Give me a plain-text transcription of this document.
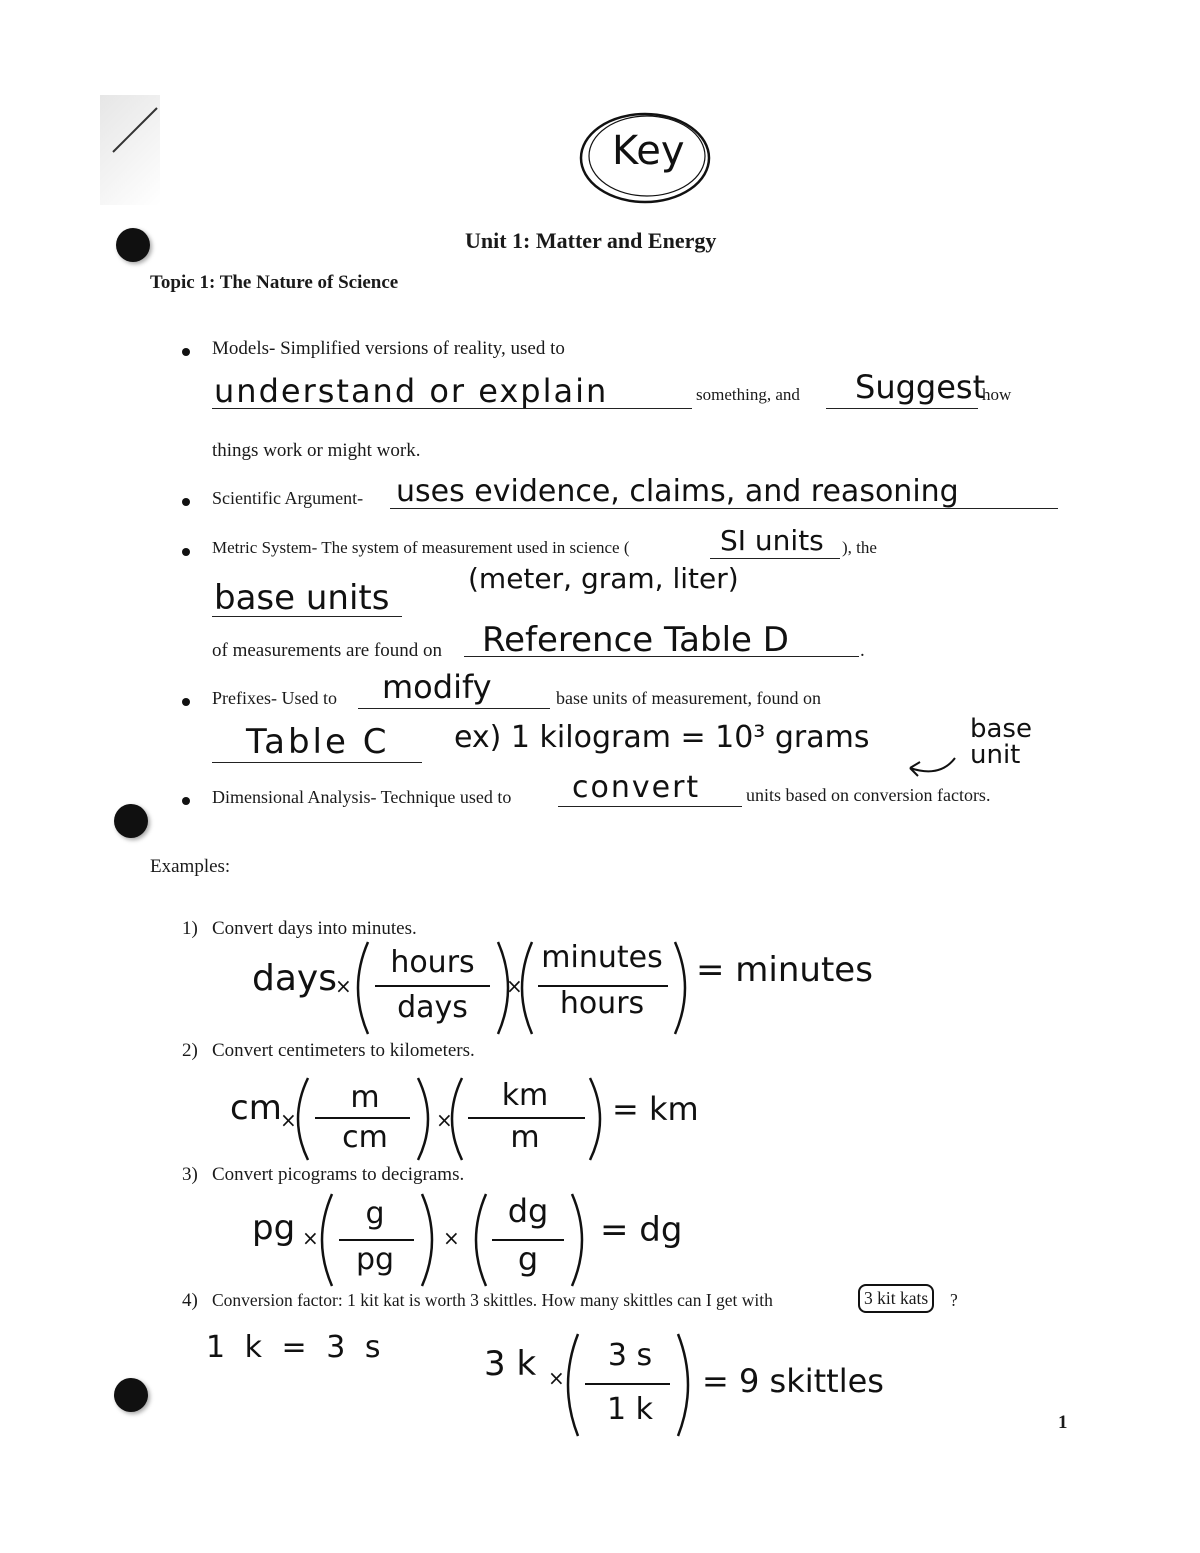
Key
Unit 1: Matter and Energy
Topic 1: The Nature of Science
Models- Simplified versions of reality, used to
understand or explain	something, and Suggest
how
things work or might work.
Scientific Argument- uses evidence, claims, and reasoning
Metric System- The system of measurement used in science (	SI units ), the
base units	(meter, gram, liter)
of measurements are found on Reference Table D	.
Prefixes- Used to modify	base units of measurement, found on
Table C ex) 1 kilogram = 10³ grams	base unit
Dimensional Analysis- Technique used to convert	units based on conversion factors.
Examples:
1) Convert days into minutes.
days
×
hours
days
×
minutes
hours
= minutes
2) Convert centimeters to kilometers.
cm
×
m
cm	×
km
m
= km
3) Convert picograms to decigrams.
pg ×
g
pg
×
dg
g
= dg
4) Conversion factor: 1 kit kat is worth 3 skittles. How many skittles can I get with	3 kit kats	?
1 k = 3 s	3 k ×
3 s
1 k
= 9 skittles
1
